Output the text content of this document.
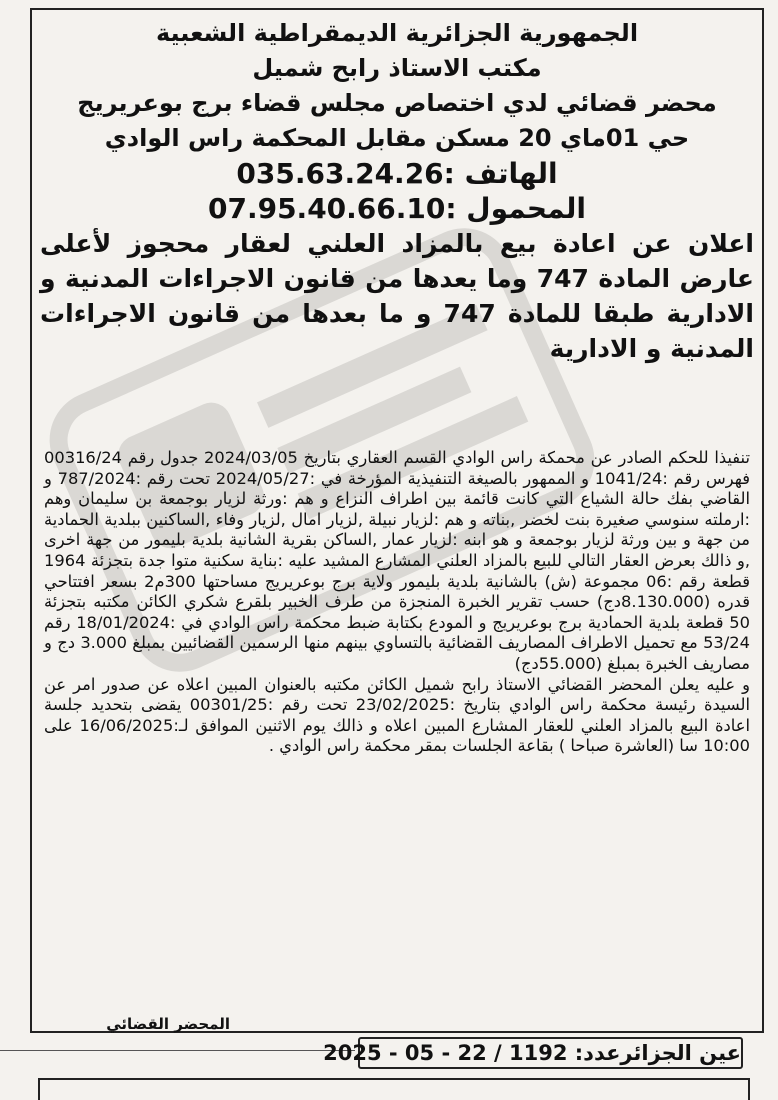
الجمهورية الجزائرية الديمقراطية الشعبية
مكتب الاستاذ رابح شميل
محضر قضائي لدي اختصاص مجلس قضاء برج بوعريريج
حي 01ماي 20 مسكن مقابل المحكمة راس الوادي
الهاتف :035.63.24.26
المحمول :07.95.40.66.10
اعلان عن اعادة بيع بالمزاد العلني لعقار محجوز لأعلى عارض المادة 747 وما يعدها من قانون الاجراءات المدنية و الادارية طبقا للمادة 747 و ما بعدها من قانون الاجراءات المدنية و الادارية

تنفيذا للحكم الصادر عن محمكة راس الوادي القسم العقاري بتاريخ 2024/03/05 جدول رقم 00316/24 فهرس رقم :1041/24 و الممهور بالصيغة التنفيذية المؤرخة في :2024/05/27 تحت رقم :787/2024 و القاضي بفك حالة الشياع التي كانت قائمة بين اطراف النزاع و هم :ورثة لزيار بوجمعة بن سليمان وهم :ارملته سنوسي صغيرة بنت لخضر ,بناته و هم :لزيار نبيلة ,لزيار امال ,لزيار وفاء ,الساكنين ببلدية الحمادية من جهة و بين ورثة لزيار بوجمعة و هو ابنه :لزيار عمار ,الساكن بقرية الشانية بلدية بليمور من جهة اخرى ,و ذالك بعرض العقار التالي للبيع بالمزاد العلني المشارع المشيد عليه :بناية سكنية متوا جدة بتجزئة 1964 قطعة رقم :06 مجموعة (ش) بالشانية بلدية بليمور ولاية برج بوعريريج مساحتها 300م2 بسعر افتتاحي قدره (8.130.000دج) حسب تقرير الخبرة المنجزة من طرف الخبير بلقرع شكري الكائن مكتبه بتجزئة 50 قطعة بلدية الحمادية برج بوعريريج و المودع بكتابة ضبط محكمة راس الوادي في :18/01/2024 رقم 53/24 مع تحميل الاطراف المصاريف القضائية بالتساوي بينهم منها الرسمين القضائيين بمبلغ 3.000 دج و مصاريف الخبرة بمبلغ (55.000دج)

و عليه يعلن المحضر القضائي الاستاذ رابح شميل الكائن مكتبه بالعنوان المبين اعلاه عن صدور امر عن السيدة رئيسة محكمة راس الوادي بتاريخ :23/02/2025 تحت رقم :00301/25 يقضى بتحديد جلسة اعادة البيع بالمزاد العلني للعقار المشارع المبين اعلاه و ذالك يوم الاثنين الموافق لـ:16/06/2025 على 10:00 سا (العاشرة صباحا ) بقاعة الجلسات بمقر محكمة راس الوادي .

المحضر القضائي
عين الجزائرعدد: 1192 / 22 - 05 - 2025
